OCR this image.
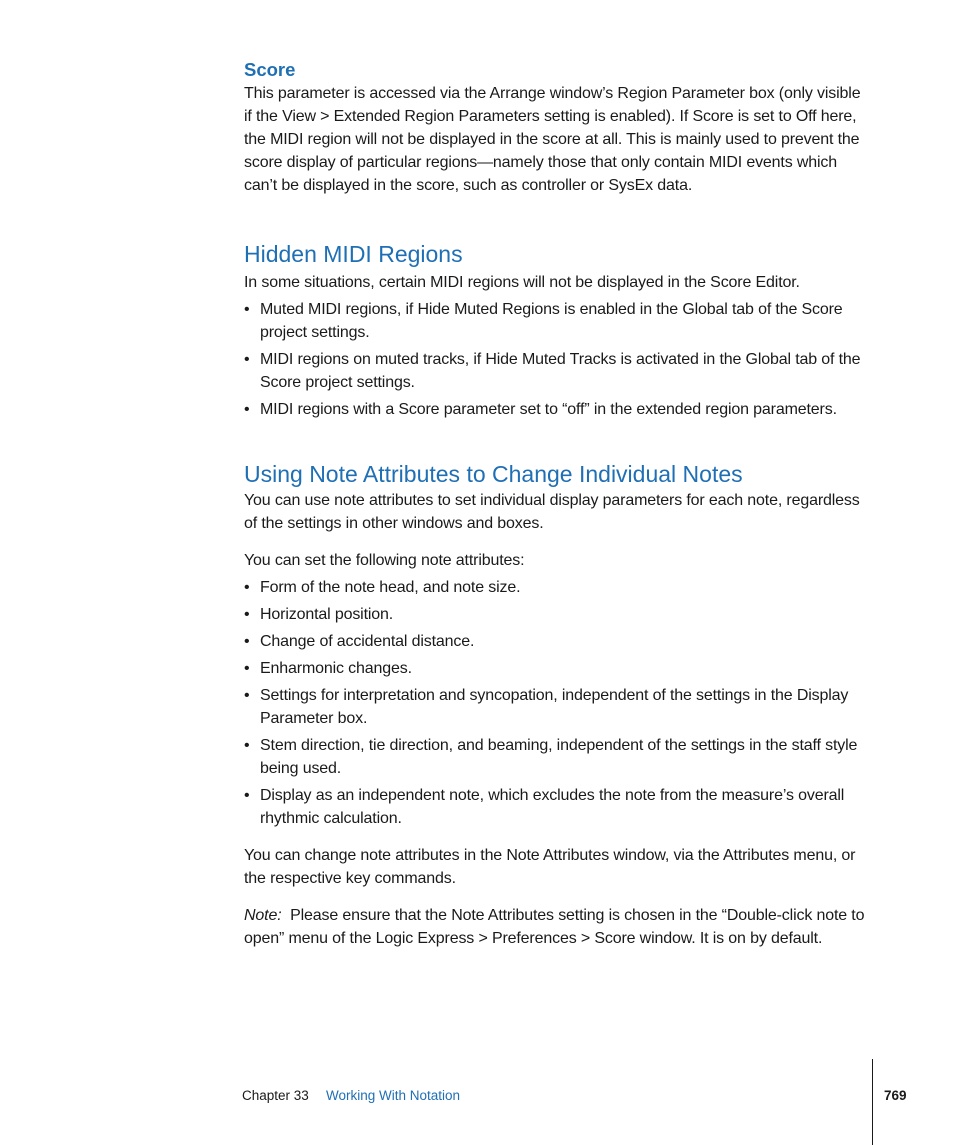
Score

This parameter is accessed via the Arrange window’s Region Parameter box (only visible if the View > Extended Region Parameters setting is enabled). If Score is set to Off here, the MIDI region will not be displayed in the score at all. This is mainly used to prevent the score display of particular regions—namely those that only contain MIDI events which can’t be displayed in the score, such as controller or SysEx data.

Hidden MIDI Regions

In some situations, certain MIDI regions will not be displayed in the Score Editor.

• Muted MIDI regions, if Hide Muted Regions is enabled in the Global tab of the Score project settings.
• MIDI regions on muted tracks, if Hide Muted Tracks is activated in the Global tab of the Score project settings.
• MIDI regions with a Score parameter set to “off” in the extended region parameters.
Using Note Attributes to Change Individual Notes

You can use note attributes to set individual display parameters for each note, regardless of the settings in other windows and boxes.

You can set the following note attributes:

• Form of the note head, and note size.
• Horizontal position.
• Change of accidental distance.
• Enharmonic changes.
• Settings for interpretation and syncopation, independent of the settings in the Display Parameter box.
• Stem direction, tie direction, and beaming, independent of the settings in the staff style being used.
• Display as an independent note, which excludes the note from the measure’s overall rhythmic calculation.

You can change note attributes in the Note Attributes window, via the Attributes menu, or the respective key commands.

Note: Please ensure that the Note Attributes setting is chosen in the “Double-click note to open” menu of the Logic Express > Preferences > Score window. It is on by default.

Chapter 33 Working With Notation	769
